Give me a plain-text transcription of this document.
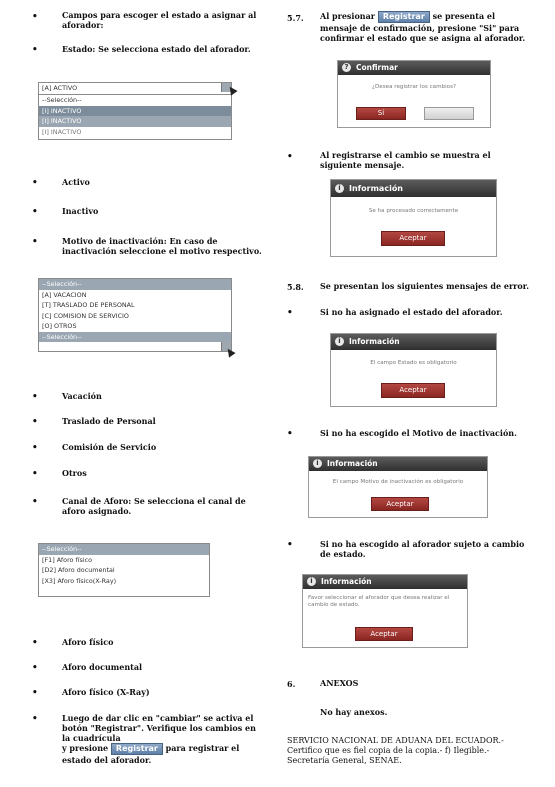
•	Campos para escoger el estado a asignar al aforador:
•	Estado: Se selecciona estado del aforador.
[A] ACTIVO
--Selección--
[I] INACTIVO
[I] INACTIVO
[I] INACTIVO
•	Activo
•	Inactivo
•	Motivo de inactivación: En caso de inactivación seleccione el motivo respectivo.
--Selección--
[A] VACACION
[T] TRASLADO DE PERSONAL
[C] COMISION DE SERVICIO
[O] OTROS
--Selección--
•	Vacación
•	Traslado de Personal
•	Comisión de Servicio
•	Otros
•	Canal de Aforo: Se selecciona el canal de aforo asignado.
--Selección--
[F1] Aforo físico
[D2] Aforo documental
[X3] Aforo físico(X-Ray)
•	Aforo físico
•	Aforo documental
•	Aforo físico (X-Ray)
•	Luego de dar clic en "cambiar" se activa el botón "Registrar". Verifique los cambios en la cuadrícula
y presione Registrar para registrar el estado del aforador.
5.7. Al presionar Registrar se presenta el mensaje de confirmación, presione "Si" para confirmar el estado que se asigna al aforador.
? Confirmar
¿Desea registrar los cambios?
Sí
•	Al registrarse el cambio se muestra el siguiente mensaje.
i	Información
Se ha procesado correctamente
Aceptar
5.8. Se presentan los siguientes mensajes de error.
•	Si no ha asignado el estado del aforador.
i	Información
El campo Estado es obligatorio
Aceptar
•	Si no ha escogido el Motivo de inactivación.
i	Información
El campo Motivo de inactivación es obligatorio
Aceptar
•	Si no ha escogido al aforador sujeto a cambio de estado.
i	Información
Favor seleccionar el aforador que desea realizar el cambio de estado.
Aceptar
6.	ANEXOS
No hay anexos.
SERVICIO NACIONAL DE ADUANA DEL ECUADOR.- Certifico que es fiel copia de la copia.- f) Ilegible.- Secretaría General, SENAE.
